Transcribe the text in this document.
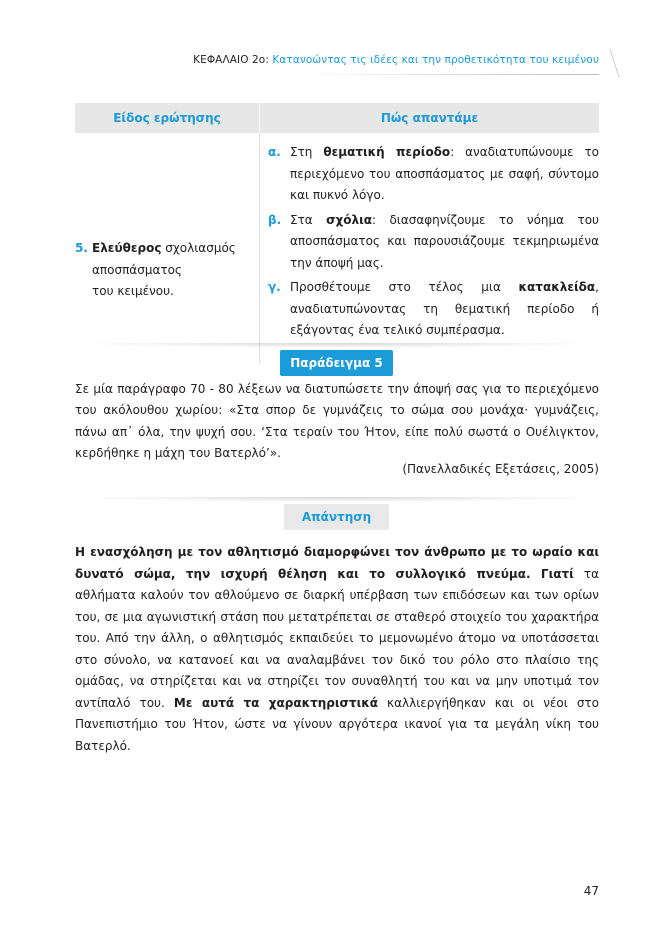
ΚΕΦΑΛΑΙΟ 2ο: Κατανοώντας τις ιδέες και την προθετικότητα του κειμένου
Είδος ερώτησης	Πώς απαντάμε
5. Ελεύθερος σχολιασμός
αποσπάσματος
του κειμένου.
α. Στη θεματική περίοδο: αναδιατυπώνουμε το περιεχόμενο του αποσπάσματος με σαφή, σύντομο και πυκνό λόγο.
β. Στα σχόλια: διασαφηνίζουμε το νόημα του αποσπάσματος και παρουσιάζουμε τεκμηριωμένα την άποψή μας.
γ. Προσθέτουμε στο τέλος μια κατακλείδα, αναδιατυπώνοντας τη θεματική περίοδο ή εξάγοντας ένα τελικό συμπέρασμα.
Παράδειγμα 5
Σε μία παράγραφο 70 - 80 λέξεων να διατυπώσετε την άποψή σας για το περιεχόμενο του ακόλουθου χωρίου: «Στα σπορ δε γυμνάζεις το σώμα σου μονάχα· γυμνάζεις, πάνω απ᾽ όλα, την ψυχή σου. ‘Στα τεραίν του Ήτον, είπε πολύ σωστά ο Ουέλιγκτον, κερδήθηκε η μάχη του Βατερλό’».
(Πανελλαδικές Εξετάσεις, 2005)
Απάντηση
Η ενασχόληση με τον αθλητισμό διαμορφώνει τον άνθρωπο με το ωραίο και δυνατό σώμα, την ισχυρή θέληση και το συλλογικό πνεύμα. Γιατί τα αθλήματα καλούν τον αθλούμενο σε διαρκή υπέρβαση των επιδόσεων και των ορίων του, σε μια αγωνιστική στάση που μετατρέπεται σε σταθερό στοιχείο του χαρακτήρα του. Από την άλλη, ο αθλητισμός εκπαιδεύει το μεμονωμένο άτομο να υποτάσσεται στο σύνολο, να κατανοεί και να αναλαμβάνει τον δικό του ρόλο στο πλαίσιο της ομάδας, να στηρίζεται και να στηρίζει τον συναθλητή του και να μην υποτιμά τον αντίπαλό του. Με αυτά τα χαρακτηριστικά καλλιεργήθηκαν και οι νέοι στο Πανεπιστήμιο του Ήτον, ώστε να γίνουν αργότερα ικανοί για τα μεγάλη νίκη του Βατερλό.
47
